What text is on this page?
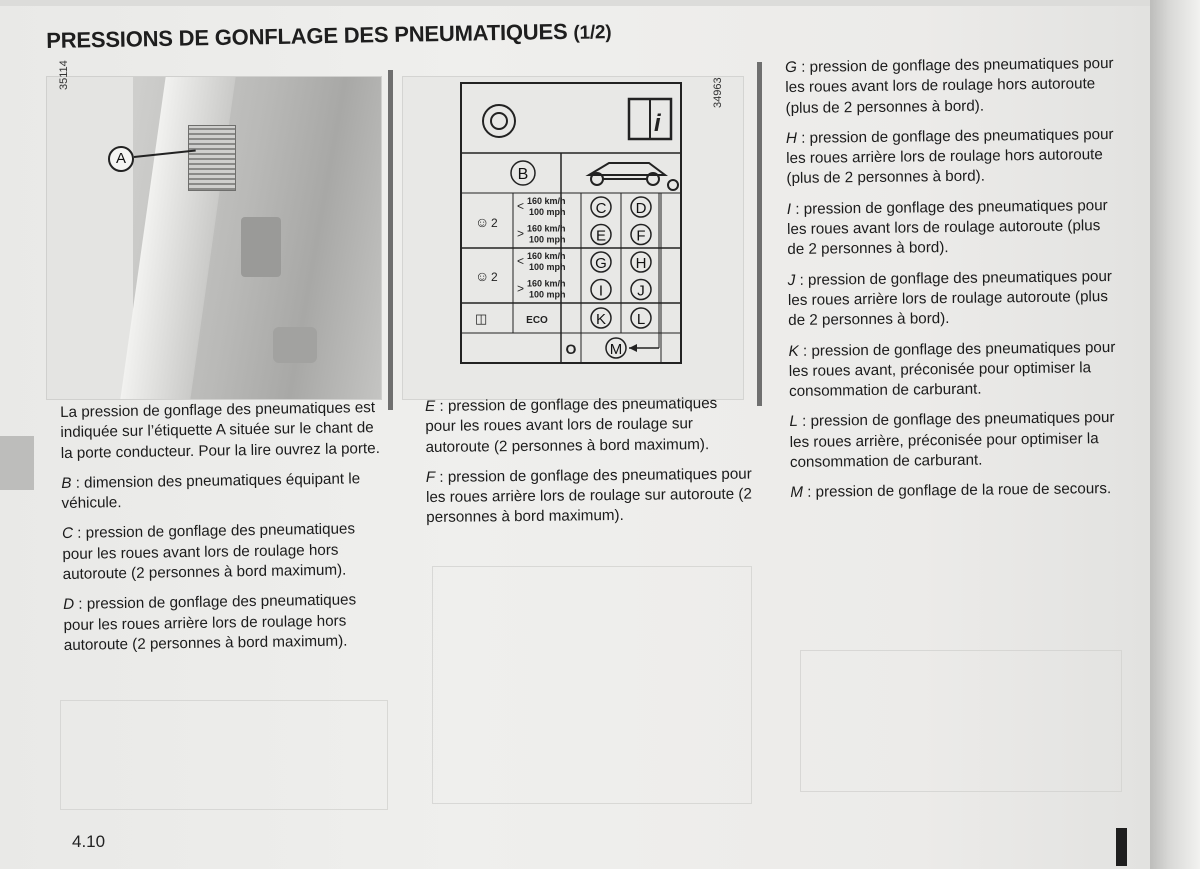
PRESSIONS DE GONFLAGE DES PNEUMATIQUES (1/2)
35114
A
i
B
☺ 2
☺ 2
◫
< 160 km/h
100 mph C D
> 160 km/h
100 mph E F
< 160 km/h
100 mph G H
> 160 km/h
100 mph I J
ECO	K L
O M
34963

La pression de gonflage des pneumatiques est indiquée sur l’étiquette A située sur le chant de la porte conducteur. Pour la lire ouvrez la porte.

B : dimension des pneumatiques équipant le véhicule.

C : pression de gonflage des pneumatiques pour les roues avant lors de roulage hors autoroute (2 personnes à bord maximum).

D : pression de gonflage des pneumatiques pour les roues arrière lors de roulage hors autoroute (2 personnes à bord maximum).

E : pression de gonflage des pneumatiques pour les roues avant lors de roulage sur autoroute (2 personnes à bord maximum).

F : pression de gonflage des pneumatiques pour les roues arrière lors de roulage sur autoroute (2 personnes à bord maximum).

G : pression de gonflage des pneumatiques pour les roues avant lors de roulage hors autoroute (plus de 2 personnes à bord).

H : pression de gonflage des pneumatiques pour les roues arrière lors de roulage hors autoroute (plus de 2 personnes à bord).

I : pression de gonflage des pneumatiques pour les roues avant lors de roulage autoroute (plus de 2 personnes à bord).

J : pression de gonflage des pneumatiques pour les roues arrière lors de roulage autoroute (plus de 2 personnes à bord).

K : pression de gonflage des pneumatiques pour les roues avant, préconisée pour optimiser la consommation de carburant.

L : pression de gonflage des pneumatiques pour les roues arrière, préconisée pour optimiser la consommation de carburant.

M : pression de gonflage de la roue de secours.

4.10
